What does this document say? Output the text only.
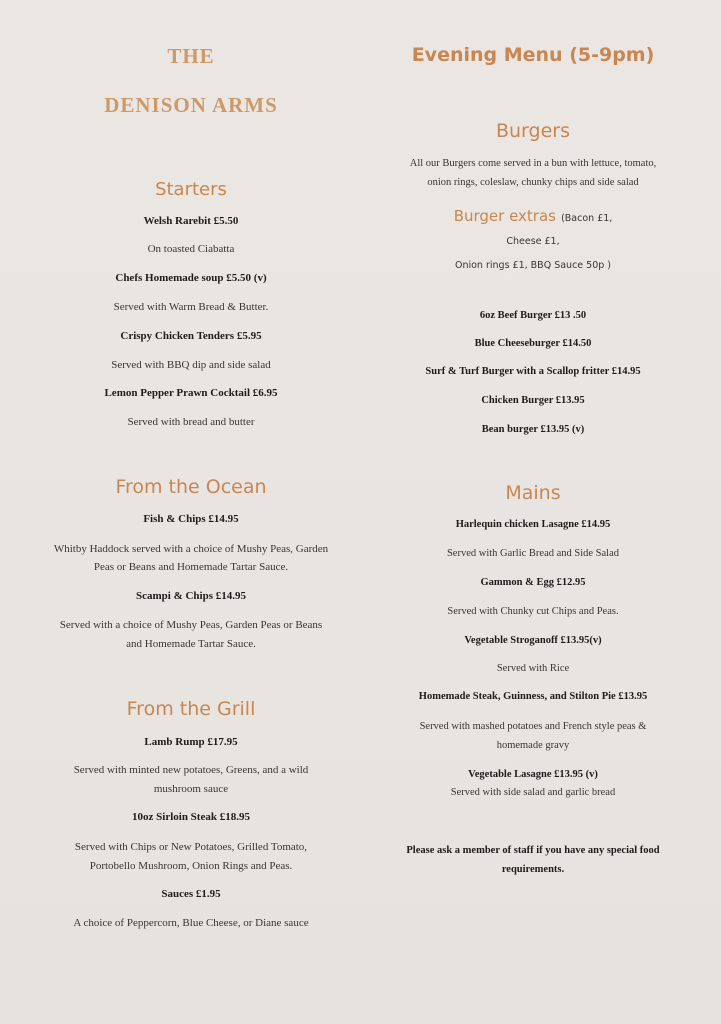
THE
DENISON ARMS
Starters
Welsh Rarebit £5.50
On toasted Ciabatta
Chefs Homemade soup £5.50 (v)
Served with Warm Bread & Butter.
Crispy Chicken Tenders £5.95
Served with BBQ dip and side salad
Lemon Pepper Prawn Cocktail £6.95
Served with bread and butter
From the Ocean
Fish & Chips £14.95
Whitby Haddock served with a choice of Mushy Peas, Garden
Peas or Beans and Homemade Tartar Sauce.
Scampi & Chips £14.95
Served with a choice of Mushy Peas, Garden Peas or Beans
and Homemade Tartar Sauce.
From the Grill
Lamb Rump £17.95
Served with minted new potatoes, Greens, and a wild
mushroom sauce
10oz Sirloin Steak £18.95
Served with Chips or New Potatoes, Grilled Tomato,
Portobello Mushroom, Onion Rings and Peas.
Sauces £1.95
A choice of Peppercorn, Blue Cheese, or Diane sauce
Evening Menu (5-9pm)
Burgers
All our Burgers come served in a bun with lettuce, tomato,
onion rings, coleslaw, chunky chips and side salad
Burger extras (Bacon £1,
Cheese £1,
Onion rings £1, BBQ Sauce 50p )
6oz Beef Burger £13 .50
Blue Cheeseburger £14.50
Surf & Turf Burger with a Scallop fritter £14.95
Chicken Burger £13.95
Bean burger £13.95 (v)
Mains
Harlequin chicken Lasagne £14.95
Served with Garlic Bread and Side Salad
Gammon & Egg £12.95
Served with Chunky cut Chips and Peas.
Vegetable Stroganoff £13.95(v)
Served with Rice
Homemade Steak, Guinness, and Stilton Pie £13.95
Served with mashed potatoes and French style peas &
homemade gravy
Vegetable Lasagne £13.95 (v)
Served with side salad and garlic bread
Please ask a member of staff if you have any special food
requirements.
